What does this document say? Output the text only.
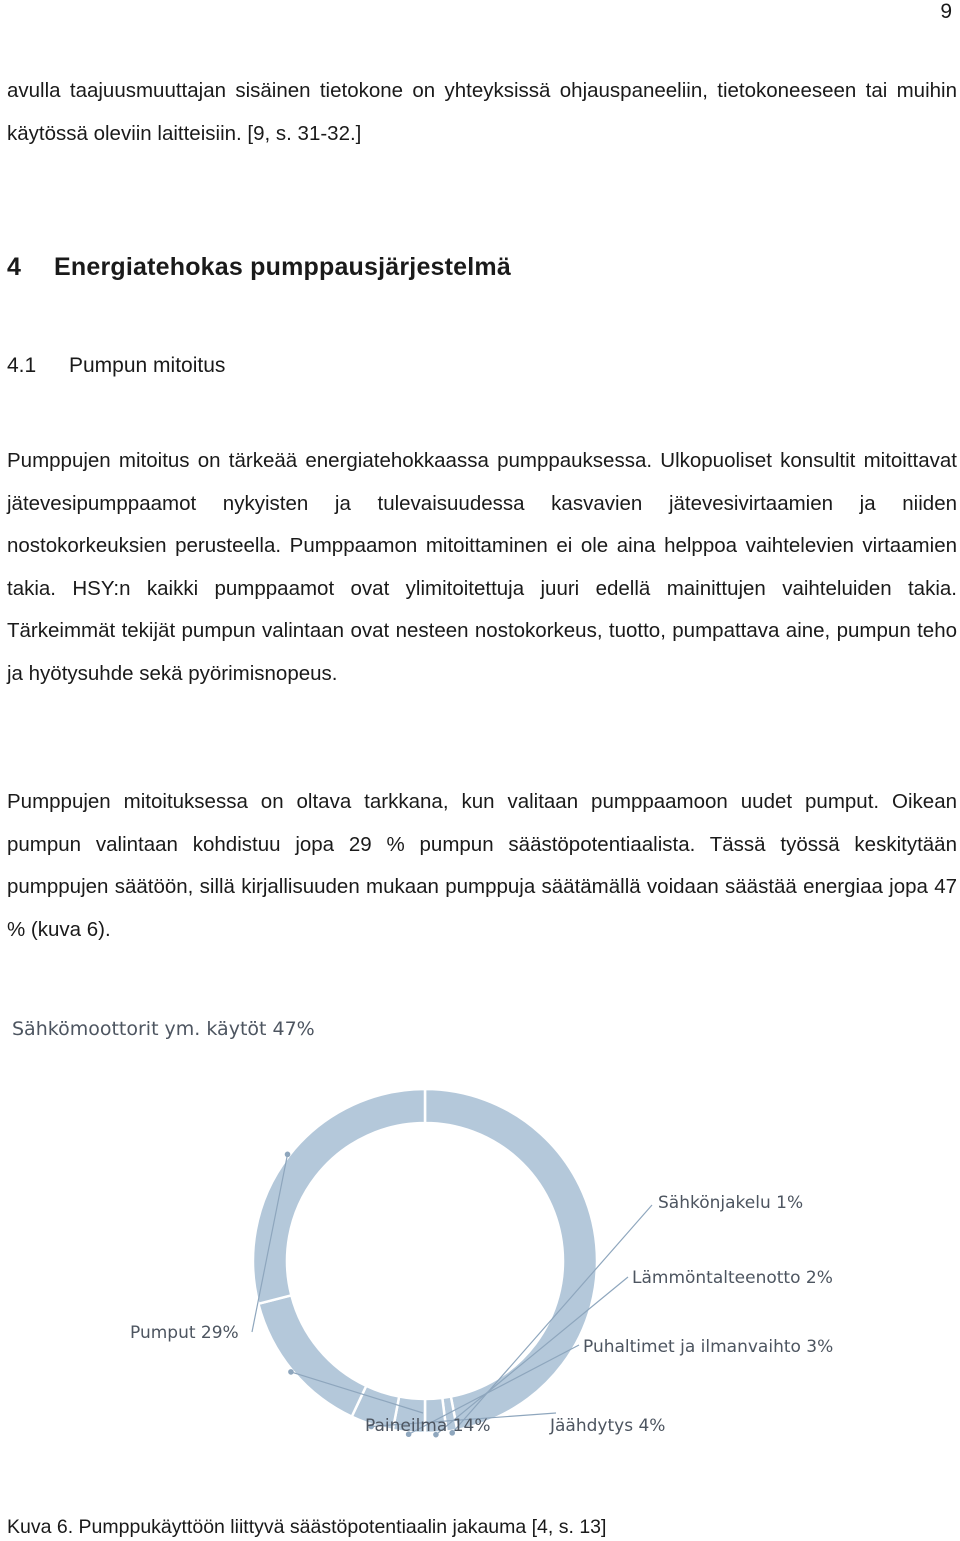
9

avulla taajuusmuuttajan sisäinen tietokone on yhteyksissä ohjauspaneeliin, tietokoneeseen tai muihin käytössä oleviin laitteisiin. [9, s. 31-32.]

4 Energiatehokas pumppausjärjestelmä
4.1 Pumpun mitoitus

Pumppujen mitoitus on tärkeää energiatehokkaassa pumppauksessa. Ulkopuoliset konsultit mitoittavat jätevesipumppaamot nykyisten ja tulevaisuudessa kasvavien jätevesivirtaamien ja niiden nostokorkeuksien perusteella. Pumppaamon mitoittaminen ei ole aina helppoa vaihtelevien virtaamien takia. HSY:n kaikki pumppaamot ovat ylimitoitettuja juuri edellä mainittujen vaihteluiden takia. Tärkeimmät tekijät pumpun valintaan ovat nesteen nostokorkeus, tuotto, pumpattava aine, pumpun teho ja hyötysuhde sekä pyörimisnopeus.

Pumppujen mitoituksessa on oltava tarkkana, kun valitaan pumppaamoon uudet pumput. Oikean pumpun valintaan kohdistuu jopa 29 % pumpun säästöpotentiaalista. Tässä työssä keskitytään pumppujen säätöön, sillä kirjallisuuden mukaan pumppuja säätämällä voidaan säästää energiaa jopa 47 % (kuva 6).

Sähkömoottorit ym. käytöt 47%
Sähkönjakelu 1%
Lämmöntalteenotto 2%
Puhaltimet ja ilmanvaihto 3%
Jäähdytys 4%
Paineilma 14%
Pumput 29%
Kuva 6. Pumppukäyttöön liittyvä säästöpotentiaalin jakauma [4, s. 13]
